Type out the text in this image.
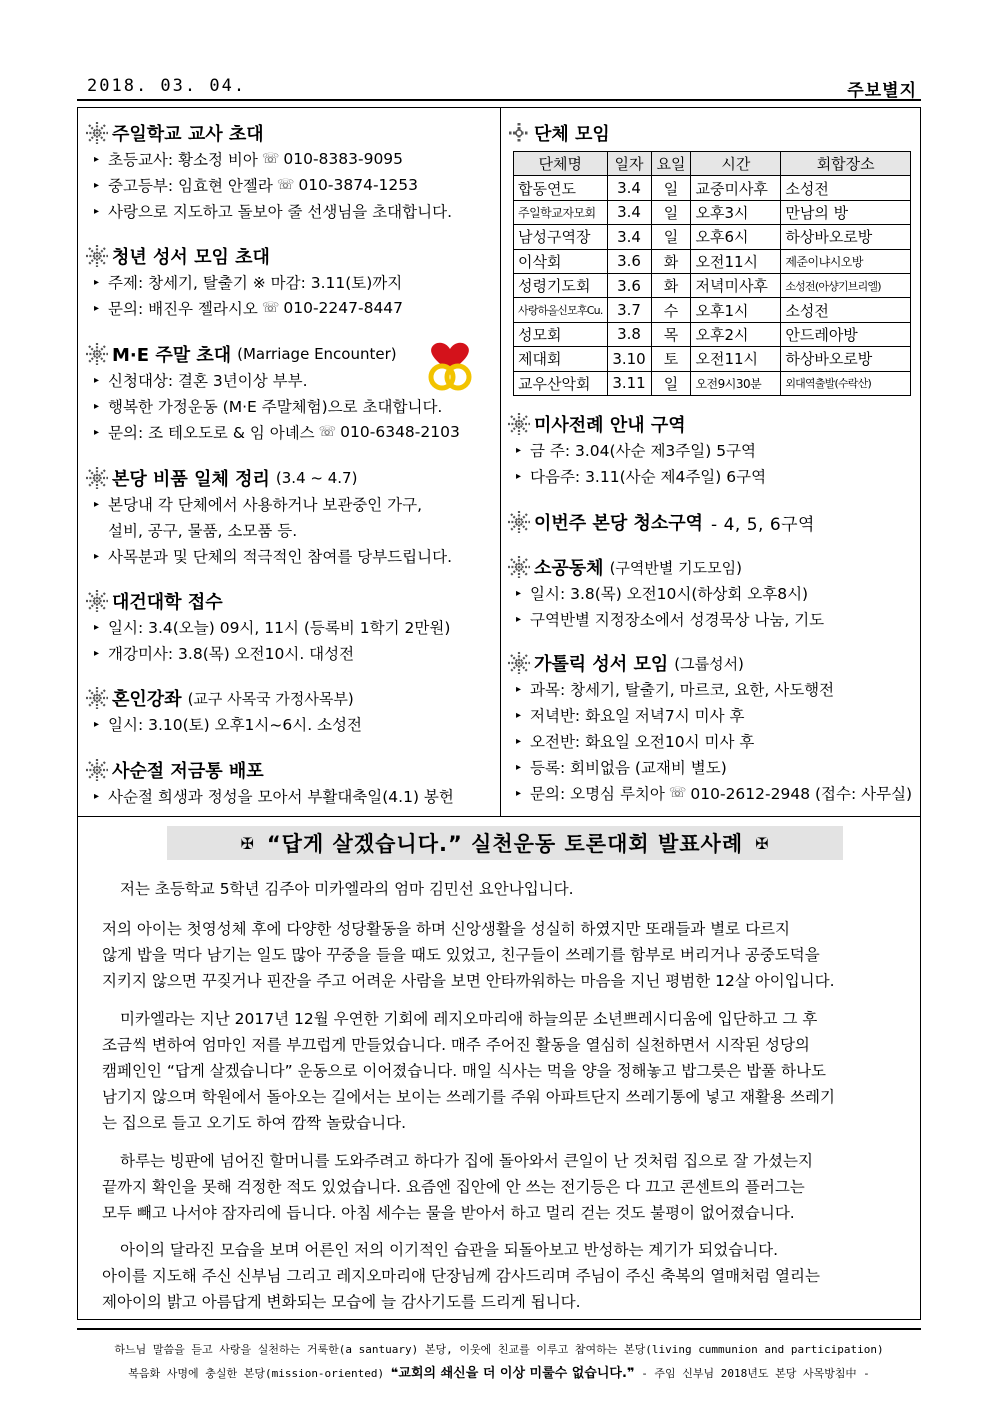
2018. 03. 04.	주보별지
주일학교 교사 초대
▸ 초등교사: 황소정 비아 ☏ 010-8383-9095
▸ 중고등부: 임효현 안젤라 ☏ 010-3874-1253
▸ 사랑으로 지도하고 돌보아 줄 선생님을 초대합니다.
청년 성서 모임 초대
▸ 주제: 창세기, 탈출기 ※ 마감: 3.11(토)까지
▸ 문의: 배진우 젤라시오 ☏ 010-2247-8447
M·E 주말 초대 (Marriage Encounter)
▸ 신청대상: 결혼 3년이상 부부.
▸ 행복한 가정운동 (M·E 주말체험)으로 초대합니다.
▸ 문의: 조 테오도로 & 임 아녜스 ☏ 010-6348-2103
본당 비품 일체 정리 (3.4 ~ 4.7)
▸ 본당내 각 단체에서 사용하거나 보관중인 가구,
설비, 공구, 물품, 소모품 등.
▸ 사목분과 및 단체의 적극적인 참여를 당부드립니다.
대건대학 접수
▸ 일시: 3.4(오늘) 09시, 11시 (등록비 1학기 2만원)
▸ 개강미사: 3.8(목) 오전10시. 대성전
혼인강좌 (교구 사목국 가정사목부)
▸ 일시: 3.10(토) 오후1시~6시. 소성전
사순절 저금통 배포
▸ 사순절 희생과 정성을 모아서 부활대축일(4.1) 봉헌
단체 모임
단체명	일자	요일	시간	회합장소
합동연도	3.4	일	교중미사후	소성전
주일학교자모회	3.4	일	오후3시	만남의 방
남성구역장	3.4	일	오후6시	하상바오로방
이삭회	3.6	화	오전11시	제준이냐시오방
성령기도회	3.6	화	저녁미사후	소성전(아샹기브리엘)
사랑하올신모후Cu.	3.7	수	오후1시	소성전
성모회	3.8	목	오후2시	안드레아방
제대회	3.10	토	오전11시	하상바오로방
교우산악회	3.11	일	오전9시30분	외대역출발(수락산)
미사전례 안내 구역
▸ 금 주: 3.04(사순 제3주일) 5구역
▸ 다음주: 3.11(사순 제4주일) 6구역
이번주 본당 청소구역 - 4, 5, 6구역
소공동체 (구역반별 기도모임)
▸ 일시: 3.8(목) 오전10시(하상회 오후8시)
▸ 구역반별 지정장소에서 성경묵상 나눔, 기도
가톨릭 성서 모임 (그룹성서)
▸ 과목: 창세기, 탈출기, 마르코, 요한, 사도행전
▸ 저녁반: 화요일 저녁7시 미사 후
▸ 오전반: 화요일 오전10시 미사 후
▸ 등록: 회비없음 (교재비 별도)
▸ 문의: 오명심 루치아 ☏ 010-2612-2948 (접수: 사무실)
✠ “답게 살겠습니다.” 실천운동 토론대회 발표사례 ✠

저는 초등학교 5학년 김주아 미카엘라의 엄마 김민선 요안나입니다.

저의 아이는 첫영성체 후에 다양한 성당활동을 하며 신앙생활을 성실히 하였지만 또래들과 별로 다르지

않게 밥을 먹다 남기는 일도 많아 꾸중을 들을 때도 있었고, 친구들이 쓰레기를 함부로 버리거나 공중도덕을

지키지 않으면 꾸짖거나 핀잔을 주고 어려운 사람을 보면 안타까워하는 마음을 지닌 평범한 12살 아이입니다.

미카엘라는 지난 2017년 12월 우연한 기회에 레지오마리애 하늘의문 소년쁘레시디움에 입단하고 그 후

조금씩 변하여 엄마인 저를 부끄럽게 만들었습니다. 매주 주어진 활동을 열심히 실천하면서 시작된 성당의

캠페인인 “답게 살겠습니다” 운동으로 이어졌습니다. 매일 식사는 먹을 양을 정해놓고 밥그릇은 밥풀 하나도

남기지 않으며 학원에서 돌아오는 길에서는 보이는 쓰레기를 주워 아파트단지 쓰레기통에 넣고 재활용 쓰레기

는 집으로 들고 오기도 하여 깜짝 놀랐습니다.

하루는 빙판에 넘어진 할머니를 도와주려고 하다가 집에 돌아와서 큰일이 난 것처럼 집으로 잘 가셨는지

끝까지 확인을 못해 걱정한 적도 있었습니다. 요즘엔 집안에 안 쓰는 전기등은 다 끄고 콘센트의 플러그는

모두 빼고 나서야 잠자리에 듭니다. 아침 세수는 물을 받아서 하고 멀리 걷는 것도 불평이 없어졌습니다.

아이의 달라진 모습을 보며 어른인 저의 이기적인 습관을 되돌아보고 반성하는 계기가 되었습니다.

아이를 지도해 주신 신부님 그리고 레지오마리애 단장님께 감사드리며 주님이 주신 축복의 열매처럼 열리는

제아이의 밝고 아름답게 변화되는 모습에 늘 감사기도를 드리게 됩니다.

하느님 말씀을 듣고 사랑을 실천하는 거룩한(a santuary) 본당, 이웃에 친교를 이루고 참여하는 본당(living cummunion and participation)
복음화 사명에 충실한 본당(mission-oriented) ❝교회의 쇄신을 더 이상 미룰수 없습니다.❞ - 주임 신부님 2018년도 본당 사목방침中 -
